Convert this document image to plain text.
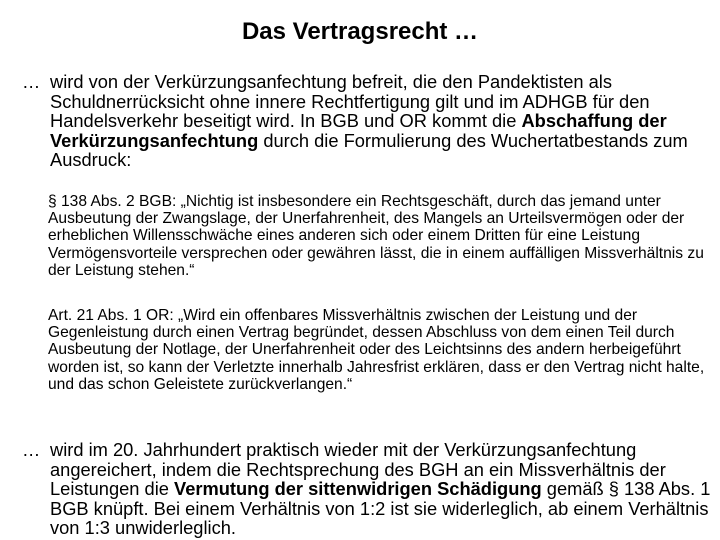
Das Vertragsrecht …
… wird von der Verkürzungsanfechtung befreit, die den Pandektisten als Schuldnerrücksicht ohne innere Rechtfertigung gilt und im ADHGB für den Handelsverkehr beseitigt wird. In BGB und OR kommt die Abschaffung der Verkürzungsanfechtung durch die Formulierung des Wuchertatbestands zum Ausdruck:
§ 138 Abs. 2 BGB: „Nichtig ist insbesondere ein Rechtsgeschäft, durch das jemand unter Ausbeutung der Zwangslage, der Unerfahrenheit, des Mangels an Urteilsvermögen oder der erheblichen Willensschwäche eines anderen sich oder einem Dritten für eine Leistung Vermögensvorteile versprechen oder gewähren lässt, die in einem auffälligen Missverhältnis zu der Leistung stehen.“
Art. 21 Abs. 1 OR: „Wird ein offenbares Missverhältnis zwischen der Leistung und der Gegenleistung durch einen Vertrag begründet, dessen Abschluss von dem einen Teil durch Ausbeutung der Notlage, der Unerfahrenheit oder des Leichtsinns des andern herbeigeführt worden ist, so kann der Verletzte innerhalb Jahresfrist erklären, dass er den Vertrag nicht halte, und das schon Geleistete zurückverlangen.“
… wird im 20. Jahrhundert praktisch wieder mit der Verkürzungsanfechtung angereichert, indem die Rechtsprechung des BGH an ein Missverhältnis der Leistungen die Vermutung der sittenwidrigen Schädigung gemäß § 138 Abs. 1 BGB knüpft. Bei einem Verhältnis von 1:2 ist sie widerleglich, ab einem Verhältnis von 1:3 unwiderleglich.
